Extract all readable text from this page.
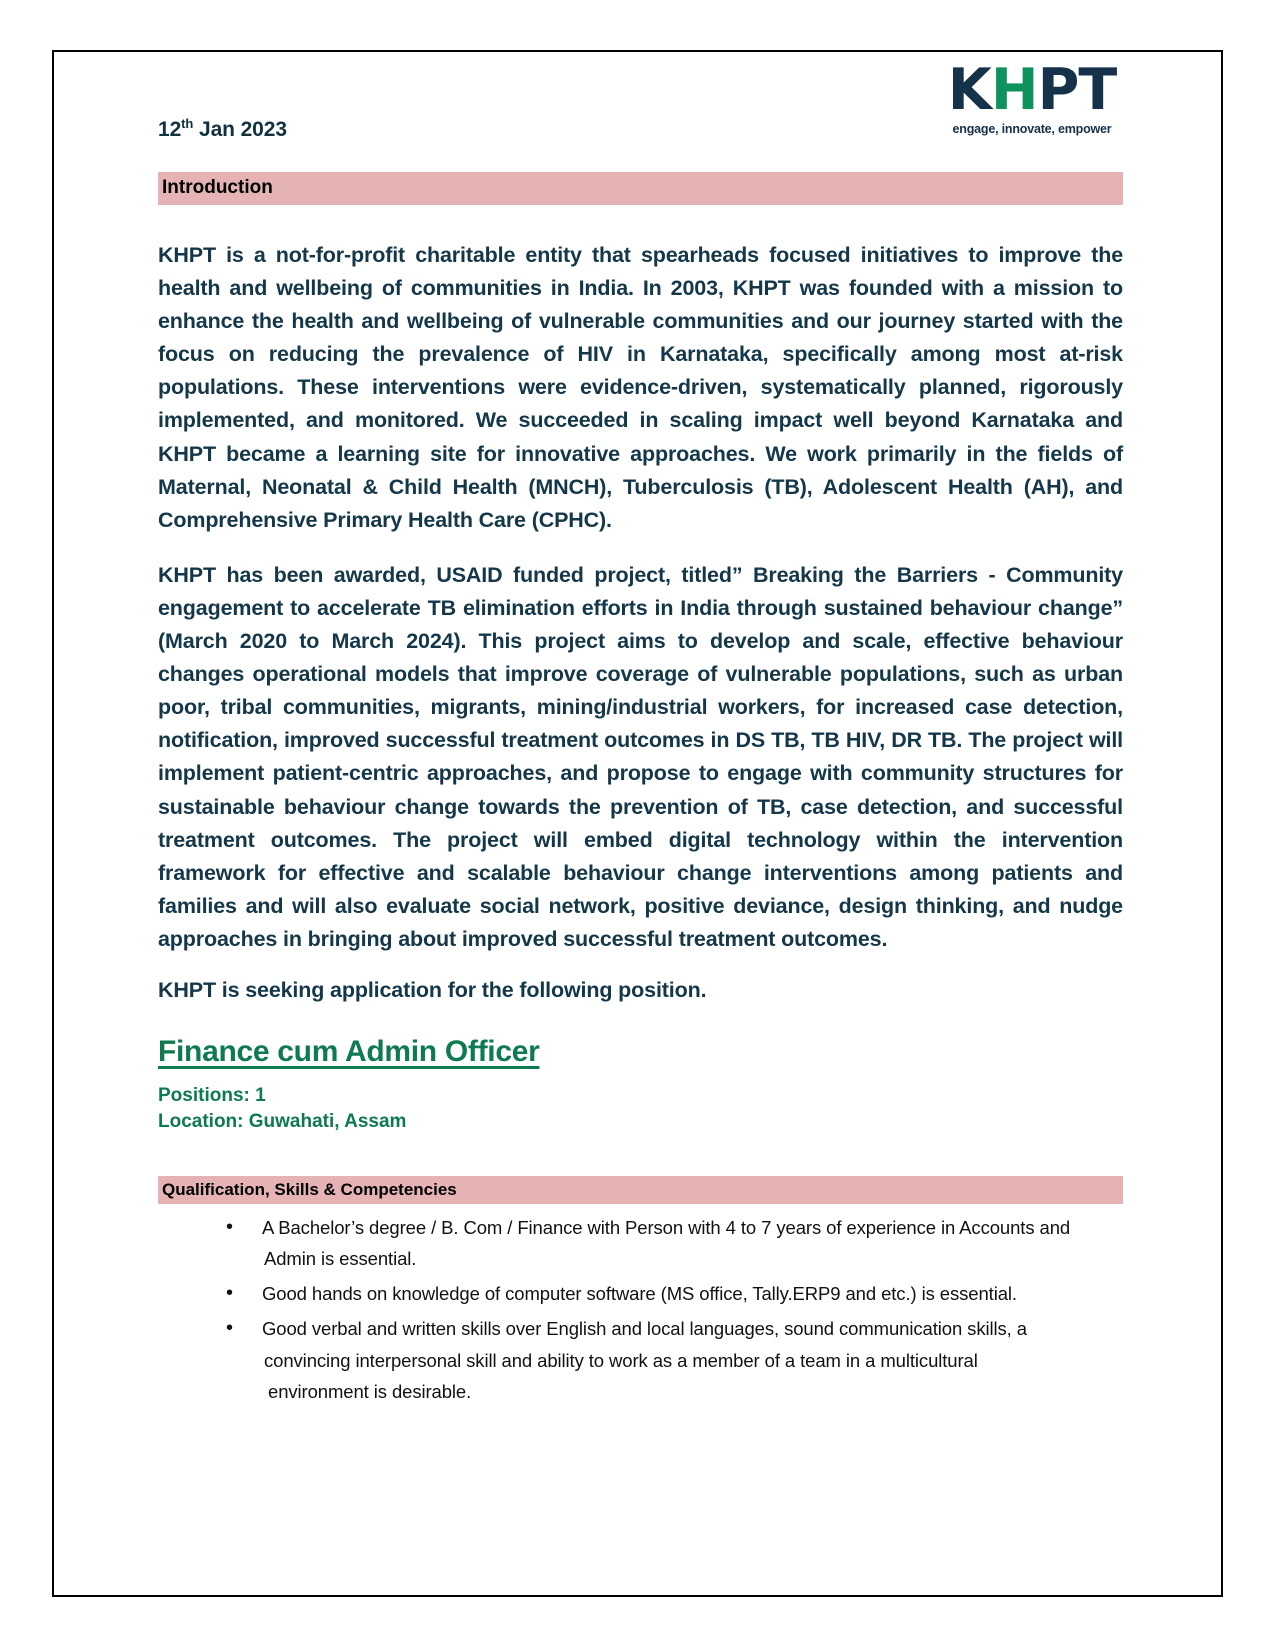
12th Jan 2023
KHPT
engage, innovate, empower
Introduction

KHPT is a not-for-profit charitable entity that spearheads focused initiatives to improve the health and wellbeing of communities in India. In 2003, KHPT was founded with a mission to enhance the health and wellbeing of vulnerable communities and our journey started with the focus on reducing the prevalence of HIV in Karnataka, specifically among most at-risk populations. These interventions were evidence-driven, systematically planned, rigorously implemented, and monitored. We succeeded in scaling impact well beyond Karnataka and KHPT became a learning site for innovative approaches. We work primarily in the fields of Maternal, Neonatal & Child Health (MNCH), Tuberculosis (TB), Adolescent Health (AH), and Comprehensive Primary Health Care (CPHC).

KHPT has been awarded, USAID funded project, titled” Breaking the Barriers - Community engagement to accelerate TB elimination efforts in India through sustained behaviour change” (March 2020 to March 2024). This project aims to develop and scale, effective behaviour changes operational models that improve coverage of vulnerable populations, such as urban poor, tribal communities, migrants, mining/industrial workers, for increased case detection, notification, improved successful treatment outcomes in DS TB, TB HIV, DR TB. The project will implement patient-centric approaches, and propose to engage with community structures for sustainable behaviour change towards the prevention of TB, case detection, and successful treatment outcomes. The project will embed digital technology within the intervention framework for effective and scalable behaviour change interventions among patients and families and will also evaluate social network, positive deviance, design thinking, and nudge approaches in bringing about improved successful treatment outcomes.

KHPT is seeking application for the following position.

Finance cum Admin Officer
Positions: 1
Location: Guwahati, Assam
Qualification, Skills & Competencies
• A Bachelor’s degree / B. Com / Finance with Person with 4 to 7 years of experience in Accounts and
Admin is essential.
• Good hands on knowledge of computer software (MS office, Tally.ERP9 and etc.) is essential.
• Good verbal and written skills over English and local languages, sound communication skills, a
convincing interpersonal skill and ability to work as a member of a team in a multicultural
environment is desirable.
